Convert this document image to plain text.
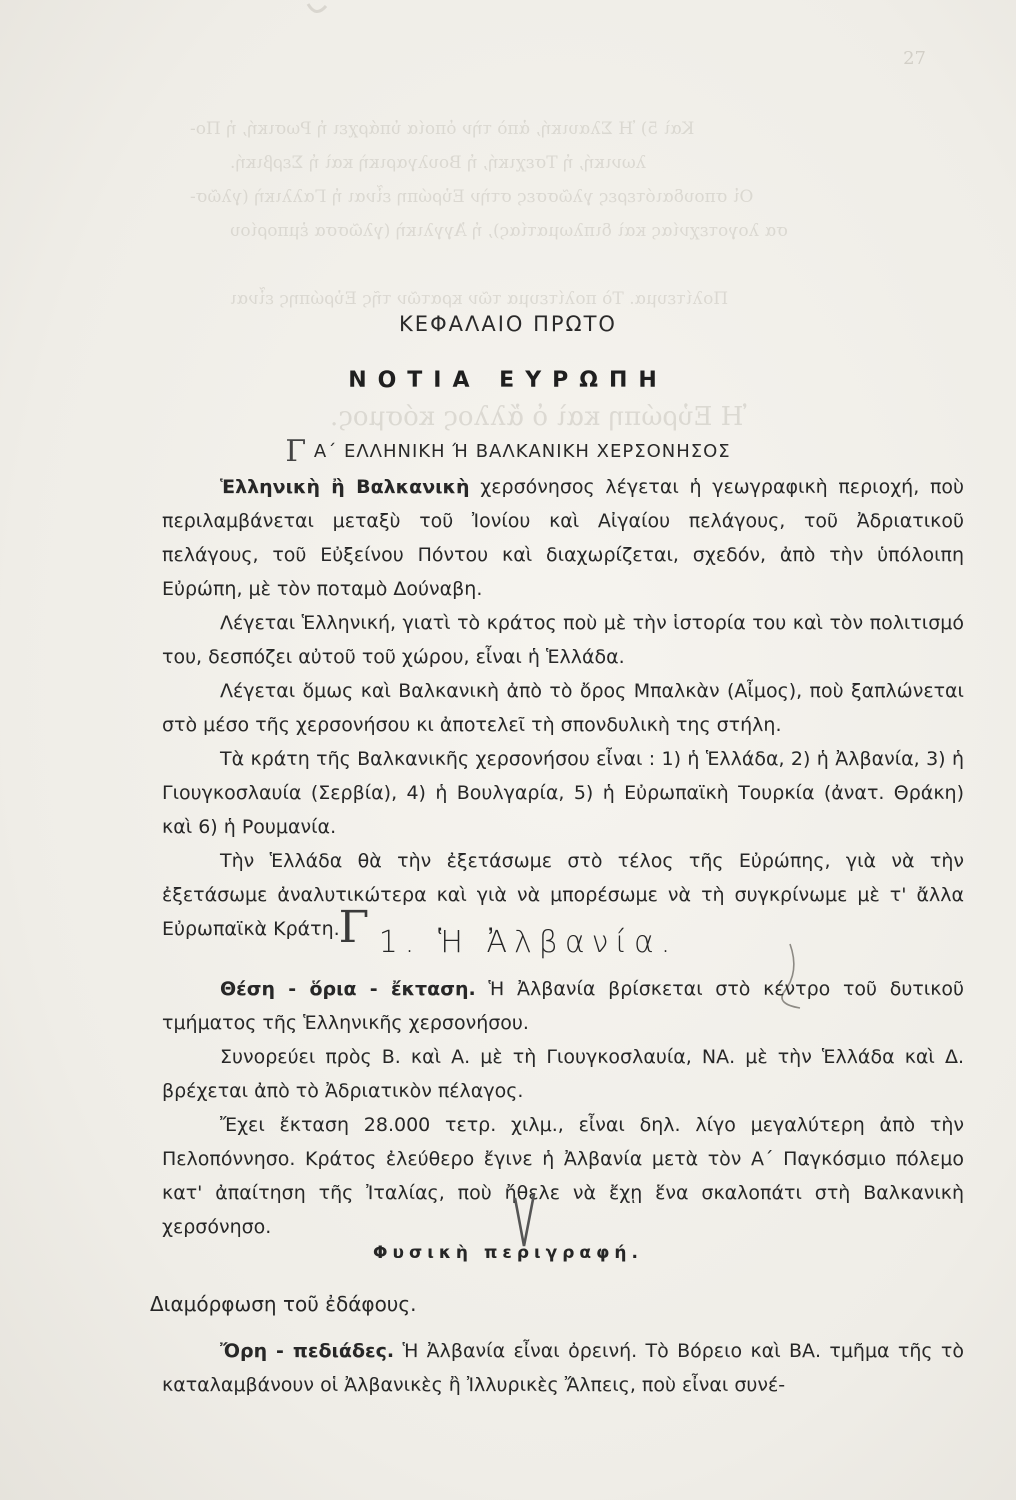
27
Καὶ 5) Ἡ Σλαυική, ἀπὸ τὴν ὁποία ὑπάρχει ἡ Ρωσική, ἡ Πο-
λωνική, ἡ Τσεχική, ἡ Βουλγαρικὴ καὶ ἡ Σερβική.
Οἱ σπουδαιότερες γλῶσσες στὴν Εὐρώπη εἶναι ἡ Γαλλικὴ (γλῶσ-
σα λογοτεχνίας καὶ διπλωματίας), ἡ Ἀγγλικὴ (γλῶσσα ἐμπορίου
Πολίτευμα. Τὸ πολίτευμα τῶν κρατῶν τῆς Εὐρώπης εἶναι
Ἡ Εὐρώπη καὶ ὁ ἄλλος κόσμος.
ΚΕΦΑΛΑΙΟ ΠΡΩΤΟ
ΝΟΤΙΑ ΕΥΡΩΠΗ
Γ Α΄ ΕΛΛΗΝΙΚΗ Ή ΒΑΛΚΑΝΙΚΗ ΧΕΡΣΟΝΗΣΟΣ

Ἑλληνικὴ ἢ Βαλκανικὴ χερσόνησος λέγεται ἡ γεωγραφικὴ περιοχή, ποὺ περιλαμβάνεται μεταξὺ τοῦ Ἰονίου καὶ Αἰγαίου πελάγους, τοῦ Ἀδριατικοῦ πελάγους, τοῦ Εὐξείνου Πόντου καὶ διαχωρίζεται, σχεδόν, ἀπὸ τὴν ὑπόλοιπη Εὐρώπη, μὲ τὸν ποταμὸ Δούναβη.

Λέγεται Ἑλληνική, γιατὶ τὸ κράτος ποὺ μὲ τὴν ἱστορία του καὶ τὸν πολιτισμό του, δεσπόζει αὐτοῦ τοῦ χώρου, εἶναι ἡ Ἑλλάδα.

Λέγεται ὅμως καὶ Βαλκανικὴ ἀπὸ τὸ ὄρος Μπαλκὰν (Αἶμος), ποὺ ξαπλώνεται στὸ μέσο τῆς χερσονήσου κι ἀποτελεῖ τὴ σπονδυλικὴ της στήλη.

Τὰ κράτη τῆς Βαλκανικῆς χερσονήσου εἶναι : 1) ἡ Ἑλλάδα, 2) ἡ Ἀλβανία, 3) ἡ Γιουγκοσλαυία (Σερβία), 4) ἡ Βουλγαρία, 5) ἡ Εὐρωπαϊκὴ Τουρκία (ἀνατ. Θράκη) καὶ 6) ἡ Ρουμανία.

Τὴν Ἑλλάδα θὰ τὴν ἐξετάσωμε στὸ τέλος τῆς Εὐρώπης, γιὰ νὰ τὴν ἐξετάσωμε ἀναλυτικώτερα καὶ γιὰ νὰ μπορέσωμε νὰ τὴ συγκρίνωμε μὲ τ' ἄλλα Εὐρωπαϊκὰ Κράτη.

Γ 1. Ἡ Ἀλβανία.

Θέση - ὅρια - ἔκταση. Ἡ Ἀλβανία βρίσκεται στὸ κέντρο τοῦ δυτικοῦ τμήματος τῆς Ἑλληνικῆς χερσονήσου.

Συνορεύει πρὸς Β. καὶ Α. μὲ τὴ Γιουγκοσλαυία, ΝΑ. μὲ τὴν Ἑλλάδα καὶ Δ. βρέχεται ἀπὸ τὸ Ἀδριατικὸν πέλαγος.

Ἔχει ἔκταση 28.000 τετρ. χιλμ., εἶναι δηλ. λίγο μεγαλύτερη ἀπὸ τὴν Πελοπόννησο. Κράτος ἐλεύθερο ἔγινε ἡ Ἀλβανία μετὰ τὸν Α΄ Παγκόσμιο πόλεμο κατ' ἀπαίτηση τῆς Ἰταλίας, ποὺ ἤθελε νὰ ἔχῃ ἕνα σκαλοπάτι στὴ Βαλκανικὴ χερσόνησο.

Φυσικὴ περιγραφή.
Διαμόρφωση τοῦ ἐδάφους.

Ὄρη - πεδιάδες. Ἡ Ἀλβανία εἶναι ὀρεινή. Τὸ Βόρειο καὶ ΒΑ. τμῆμα τῆς τὸ καταλαμβάνουν οἱ Ἀλβανικὲς ἢ Ἰλλυρικὲς Ἄλπεις, ποὺ εἶναι συνέ-
